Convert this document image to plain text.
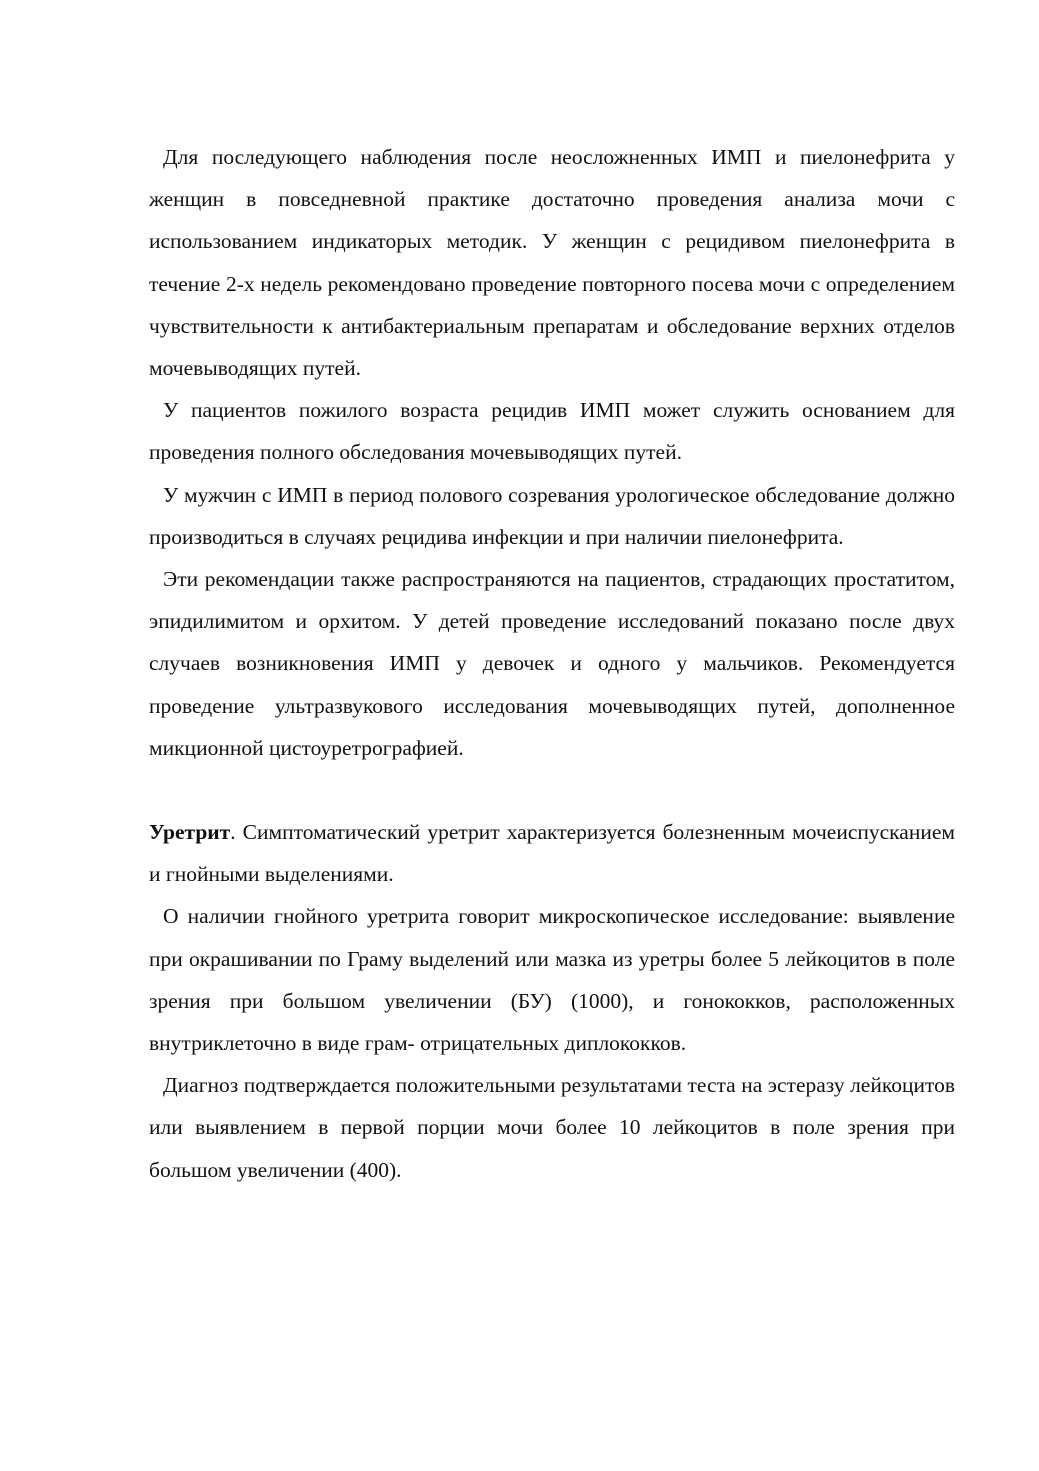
Для последующего наблюдения после неосложненных ИМП и пиелонефрита у женщин в повседневной практике достаточно проведения анализа мочи с использованием индикаторых методик. У женщин с рецидивом пиелонефрита в течение 2-х недель рекомендовано проведение повторного посева мочи с определением чувствительности к антибактериальным препаратам и обследование верхних отделов мочевыводящих путей.

У пациентов пожилого возраста рецидив ИМП может служить основанием для проведения полного обследования мочевыводящих путей.

У мужчин с ИМП в период полового созревания урологическое обследование должно производиться в случаях рецидива инфекции и при наличии пиелонефрита.

Эти рекомендации также распространяются на пациентов, страдающих простатитом, эпидилимитом и орхитом. У детей проведение исследований показано после двух случаев возникновения ИМП у девочек и одного у мальчиков. Рекомендуется проведение ультразвукового исследования мочевыводящих путей, дополненное микционной цистоуретрографией.

Уретрит. Симптоматический уретрит характеризуется болезненным мочеиспусканием и гнойными выделениями.

О наличии гнойного уретрита говорит микроскопическое исследование: выявление при окрашивании по Граму выделений или мазка из уретры более 5 лейкоцитов в поле зрения при большом увеличении (БУ) (1000), и гонококков, расположенных внутриклеточно в виде грам- отрицательных диплококков.

Диагноз подтверждается положительными результатами теста на эстеразу лейкоцитов или выявлением в первой порции мочи более 10 лейкоцитов в поле зрения при большом увеличении (400).
